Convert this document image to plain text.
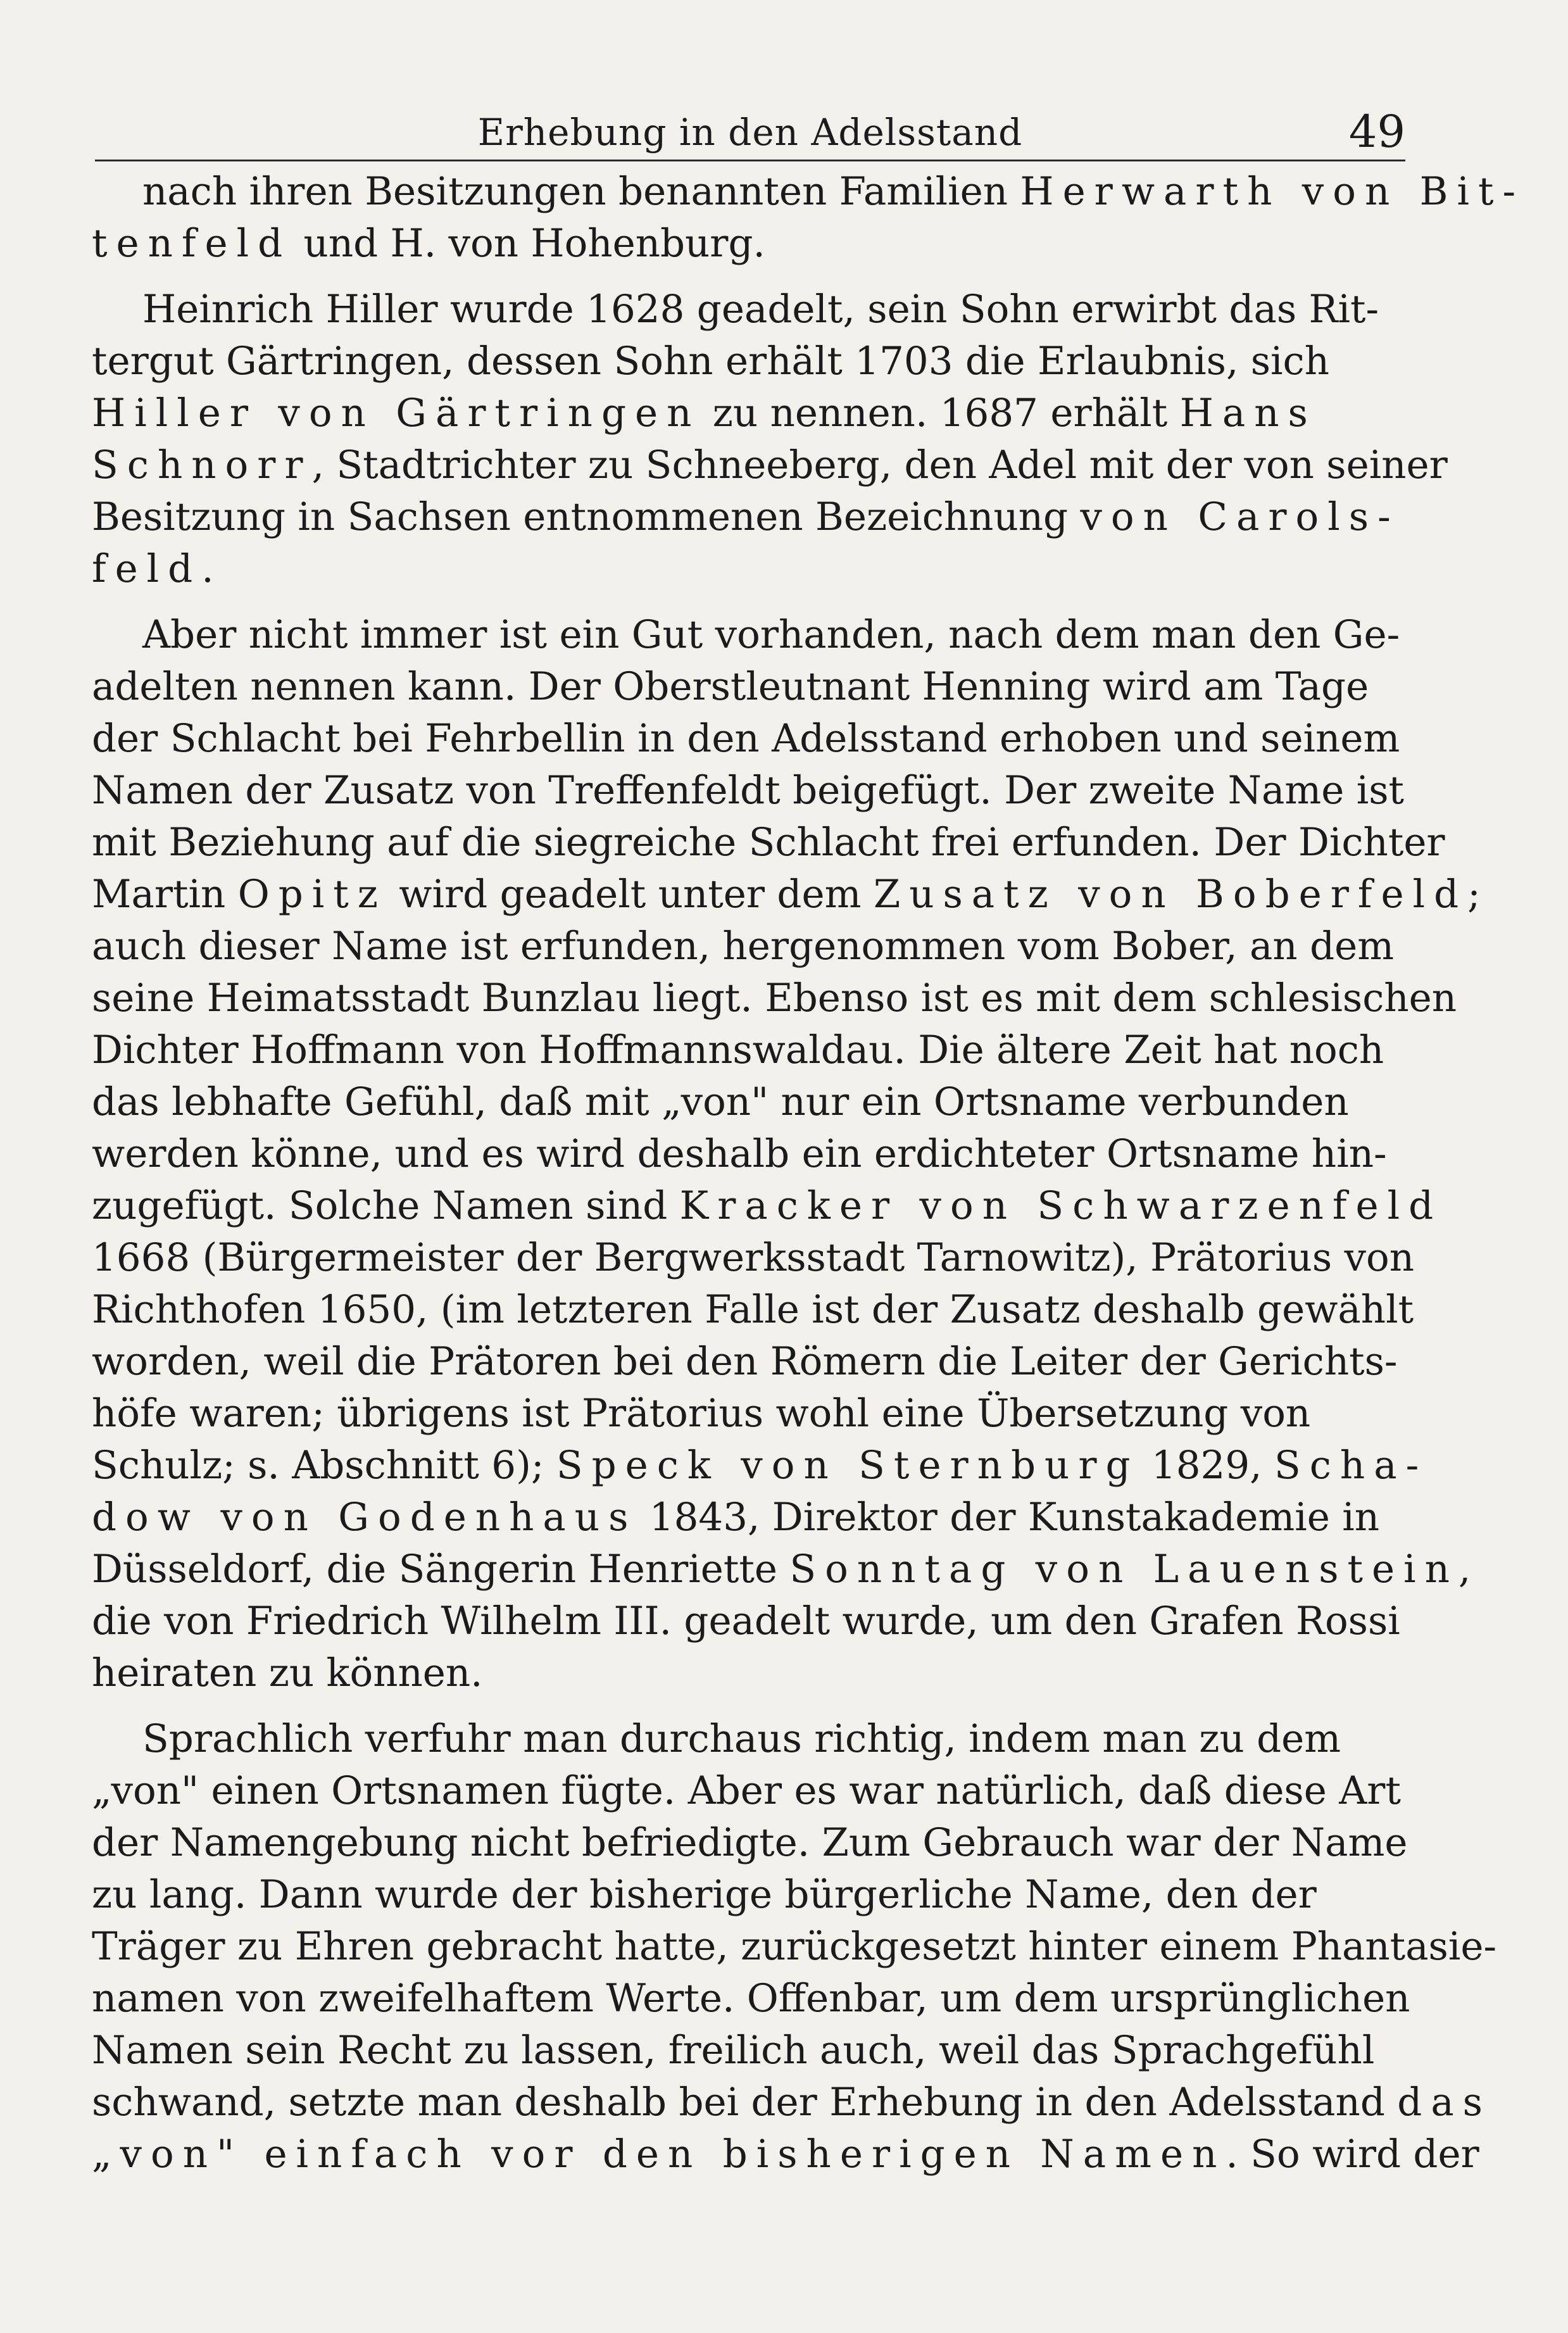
Erhebung in den Adelsstand	49
nach ihren Besitzungen benannten Familien Herwarth von Bit-
tenfeld und H. von Hohenburg.
Heinrich Hiller wurde 1628 geadelt, sein Sohn erwirbt das Rit-
tergut Gärtringen, dessen Sohn erhält 1703 die Erlaubnis, sich
Hiller von Gärtringen zu nennen. 1687 erhält Hans
Schnorr, Stadtrichter zu Schneeberg, den Adel mit der von seiner
Besitzung in Sachsen entnommenen Bezeichnung von Carols-
feld.
Aber nicht immer ist ein Gut vorhanden, nach dem man den Ge-
adelten nennen kann. Der Oberstleutnant Henning wird am Tage
der Schlacht bei Fehrbellin in den Adelsstand erhoben und seinem
Namen der Zusatz von Treffenfeldt beigefügt. Der zweite Name ist
mit Beziehung auf die siegreiche Schlacht frei erfunden. Der Dichter
Martin Opitz wird geadelt unter dem Zusatz von Boberfeld;
auch dieser Name ist erfunden, hergenommen vom Bober, an dem
seine Heimatsstadt Bunzlau liegt. Ebenso ist es mit dem schlesischen
Dichter Hoffmann von Hoffmannswaldau. Die ältere Zeit hat noch
das lebhafte Gefühl, daß mit „von" nur ein Ortsname verbunden
werden könne, und es wird deshalb ein erdichteter Ortsname hin-
zugefügt. Solche Namen sind Kracker von Schwarzenfeld
1668 (Bürgermeister der Bergwerksstadt Tarnowitz), Prätorius von
Richthofen 1650, (im letzteren Falle ist der Zusatz deshalb gewählt
worden, weil die Prätoren bei den Römern die Leiter der Gerichts-
höfe waren; übrigens ist Prätorius wohl eine Übersetzung von
Schulz; s. Abschnitt 6); Speck von Sternburg 1829, Scha-
dow von Godenhaus 1843, Direktor der Kunstakademie in
Düsseldorf, die Sängerin Henriette Sonntag von Lauenstein,
die von Friedrich Wilhelm III. geadelt wurde, um den Grafen Rossi
heiraten zu können.
Sprachlich verfuhr man durchaus richtig, indem man zu dem
„von" einen Ortsnamen fügte. Aber es war natürlich, daß diese Art
der Namengebung nicht befriedigte. Zum Gebrauch war der Name
zu lang. Dann wurde der bisherige bürgerliche Name, den der
Träger zu Ehren gebracht hatte, zurückgesetzt hinter einem Phantasie-
namen von zweifelhaftem Werte. Offenbar, um dem ursprünglichen
Namen sein Recht zu lassen, freilich auch, weil das Sprachgefühl
schwand, setzte man deshalb bei der Erhebung in den Adelsstand das
„von" einfach vor den bisherigen Namen. So wird der
